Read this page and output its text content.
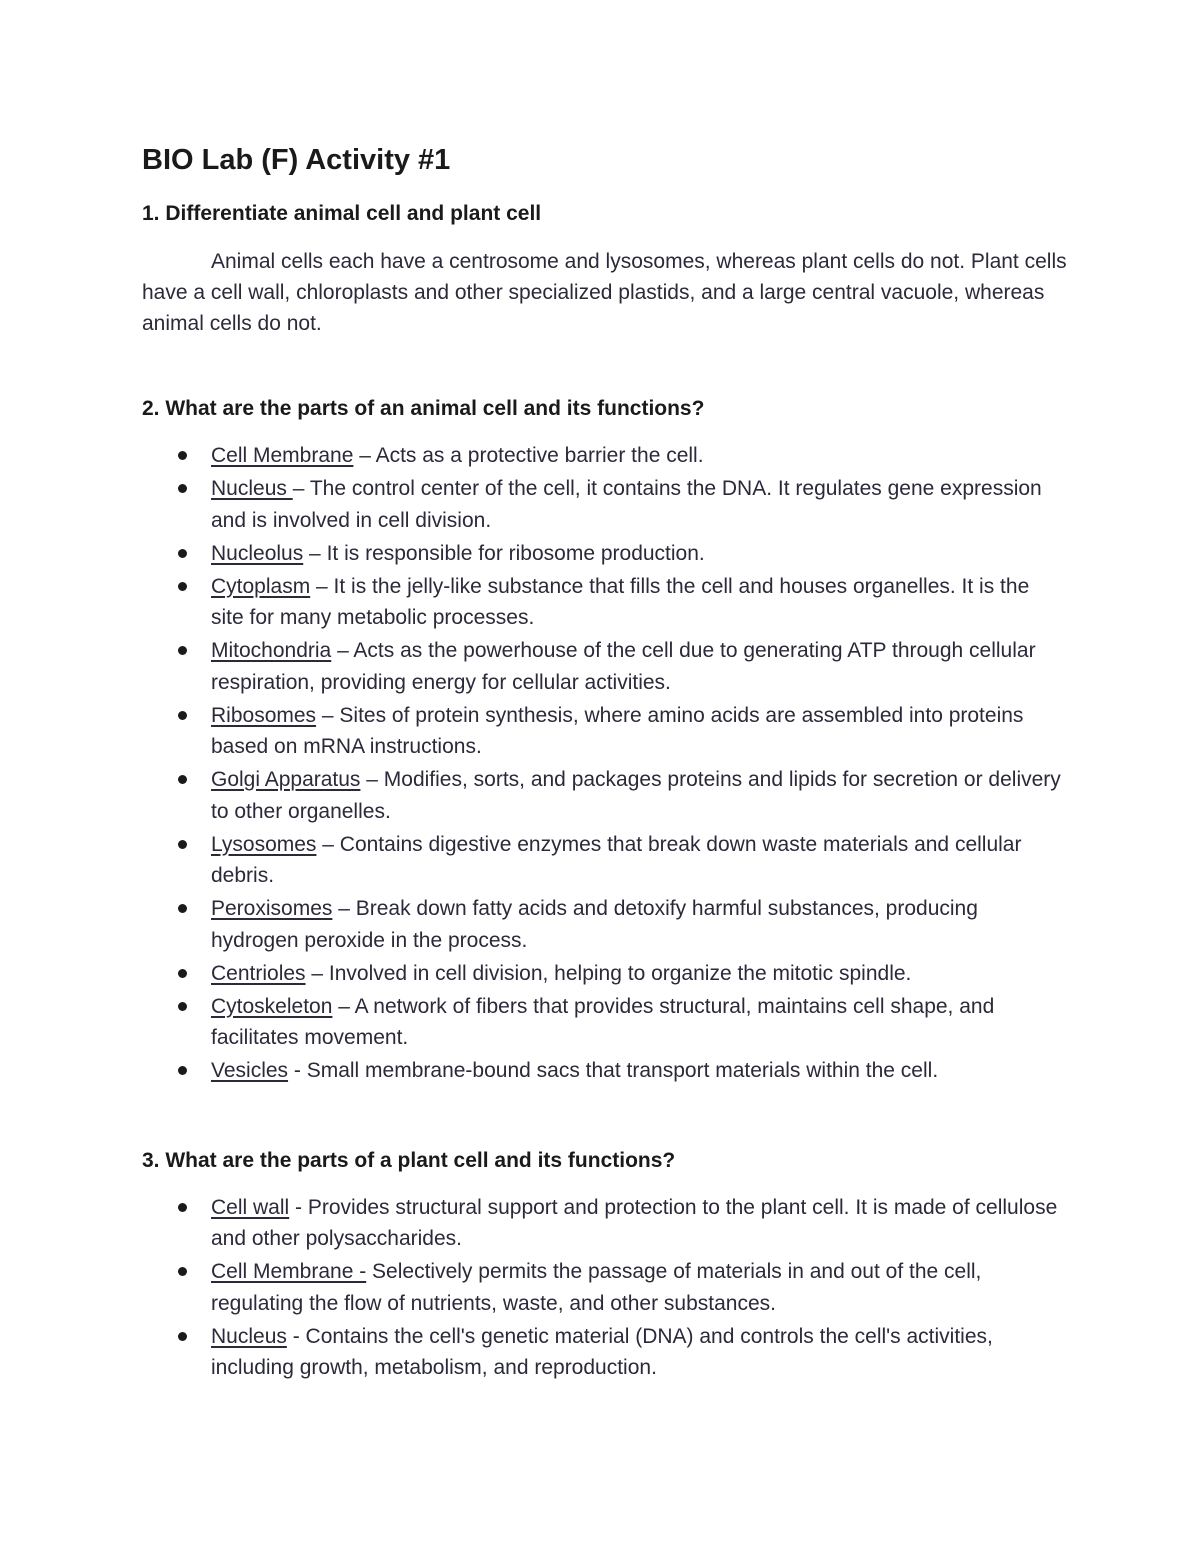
BIO Lab (F) Activity #1
1. Differentiate animal cell and plant cell

Animal cells each have a centrosome and lysosomes, whereas plant cells do not. Plant cells have a cell wall, chloroplasts and other specialized plastids, and a large central vacuole, whereas animal cells do not.

2. What are the parts of an animal cell and its functions?
Cell Membrane – Acts as a protective barrier the cell.
Nucleus – The control center of the cell, it contains the DNA. It regulates gene expression and is involved in cell division.
Nucleolus – It is responsible for ribosome production.
Cytoplasm – It is the jelly-like substance that fills the cell and houses organelles. It is the site for many metabolic processes.
Mitochondria – Acts as the powerhouse of the cell due to generating ATP through cellular respiration, providing energy for cellular activities.
Ribosomes – Sites of protein synthesis, where amino acids are assembled into proteins based on mRNA instructions.
Golgi Apparatus – Modifies, sorts, and packages proteins and lipids for secretion or delivery to other organelles.
Lysosomes – Contains digestive enzymes that break down waste materials and cellular debris.
Peroxisomes – Break down fatty acids and detoxify harmful substances, producing hydrogen peroxide in the process.
Centrioles – Involved in cell division, helping to organize the mitotic spindle.
Cytoskeleton – A network of fibers that provides structural, maintains cell shape, and facilitates movement.
Vesicles - Small membrane-bound sacs that transport materials within the cell.
3. What are the parts of a plant cell and its functions?
Cell wall - Provides structural support and protection to the plant cell. It is made of cellulose and other polysaccharides.
Cell Membrane - Selectively permits the passage of materials in and out of the cell, regulating the flow of nutrients, waste, and other substances.
Nucleus - Contains the cell's genetic material (DNA) and controls the cell's activities, including growth, metabolism, and reproduction.
